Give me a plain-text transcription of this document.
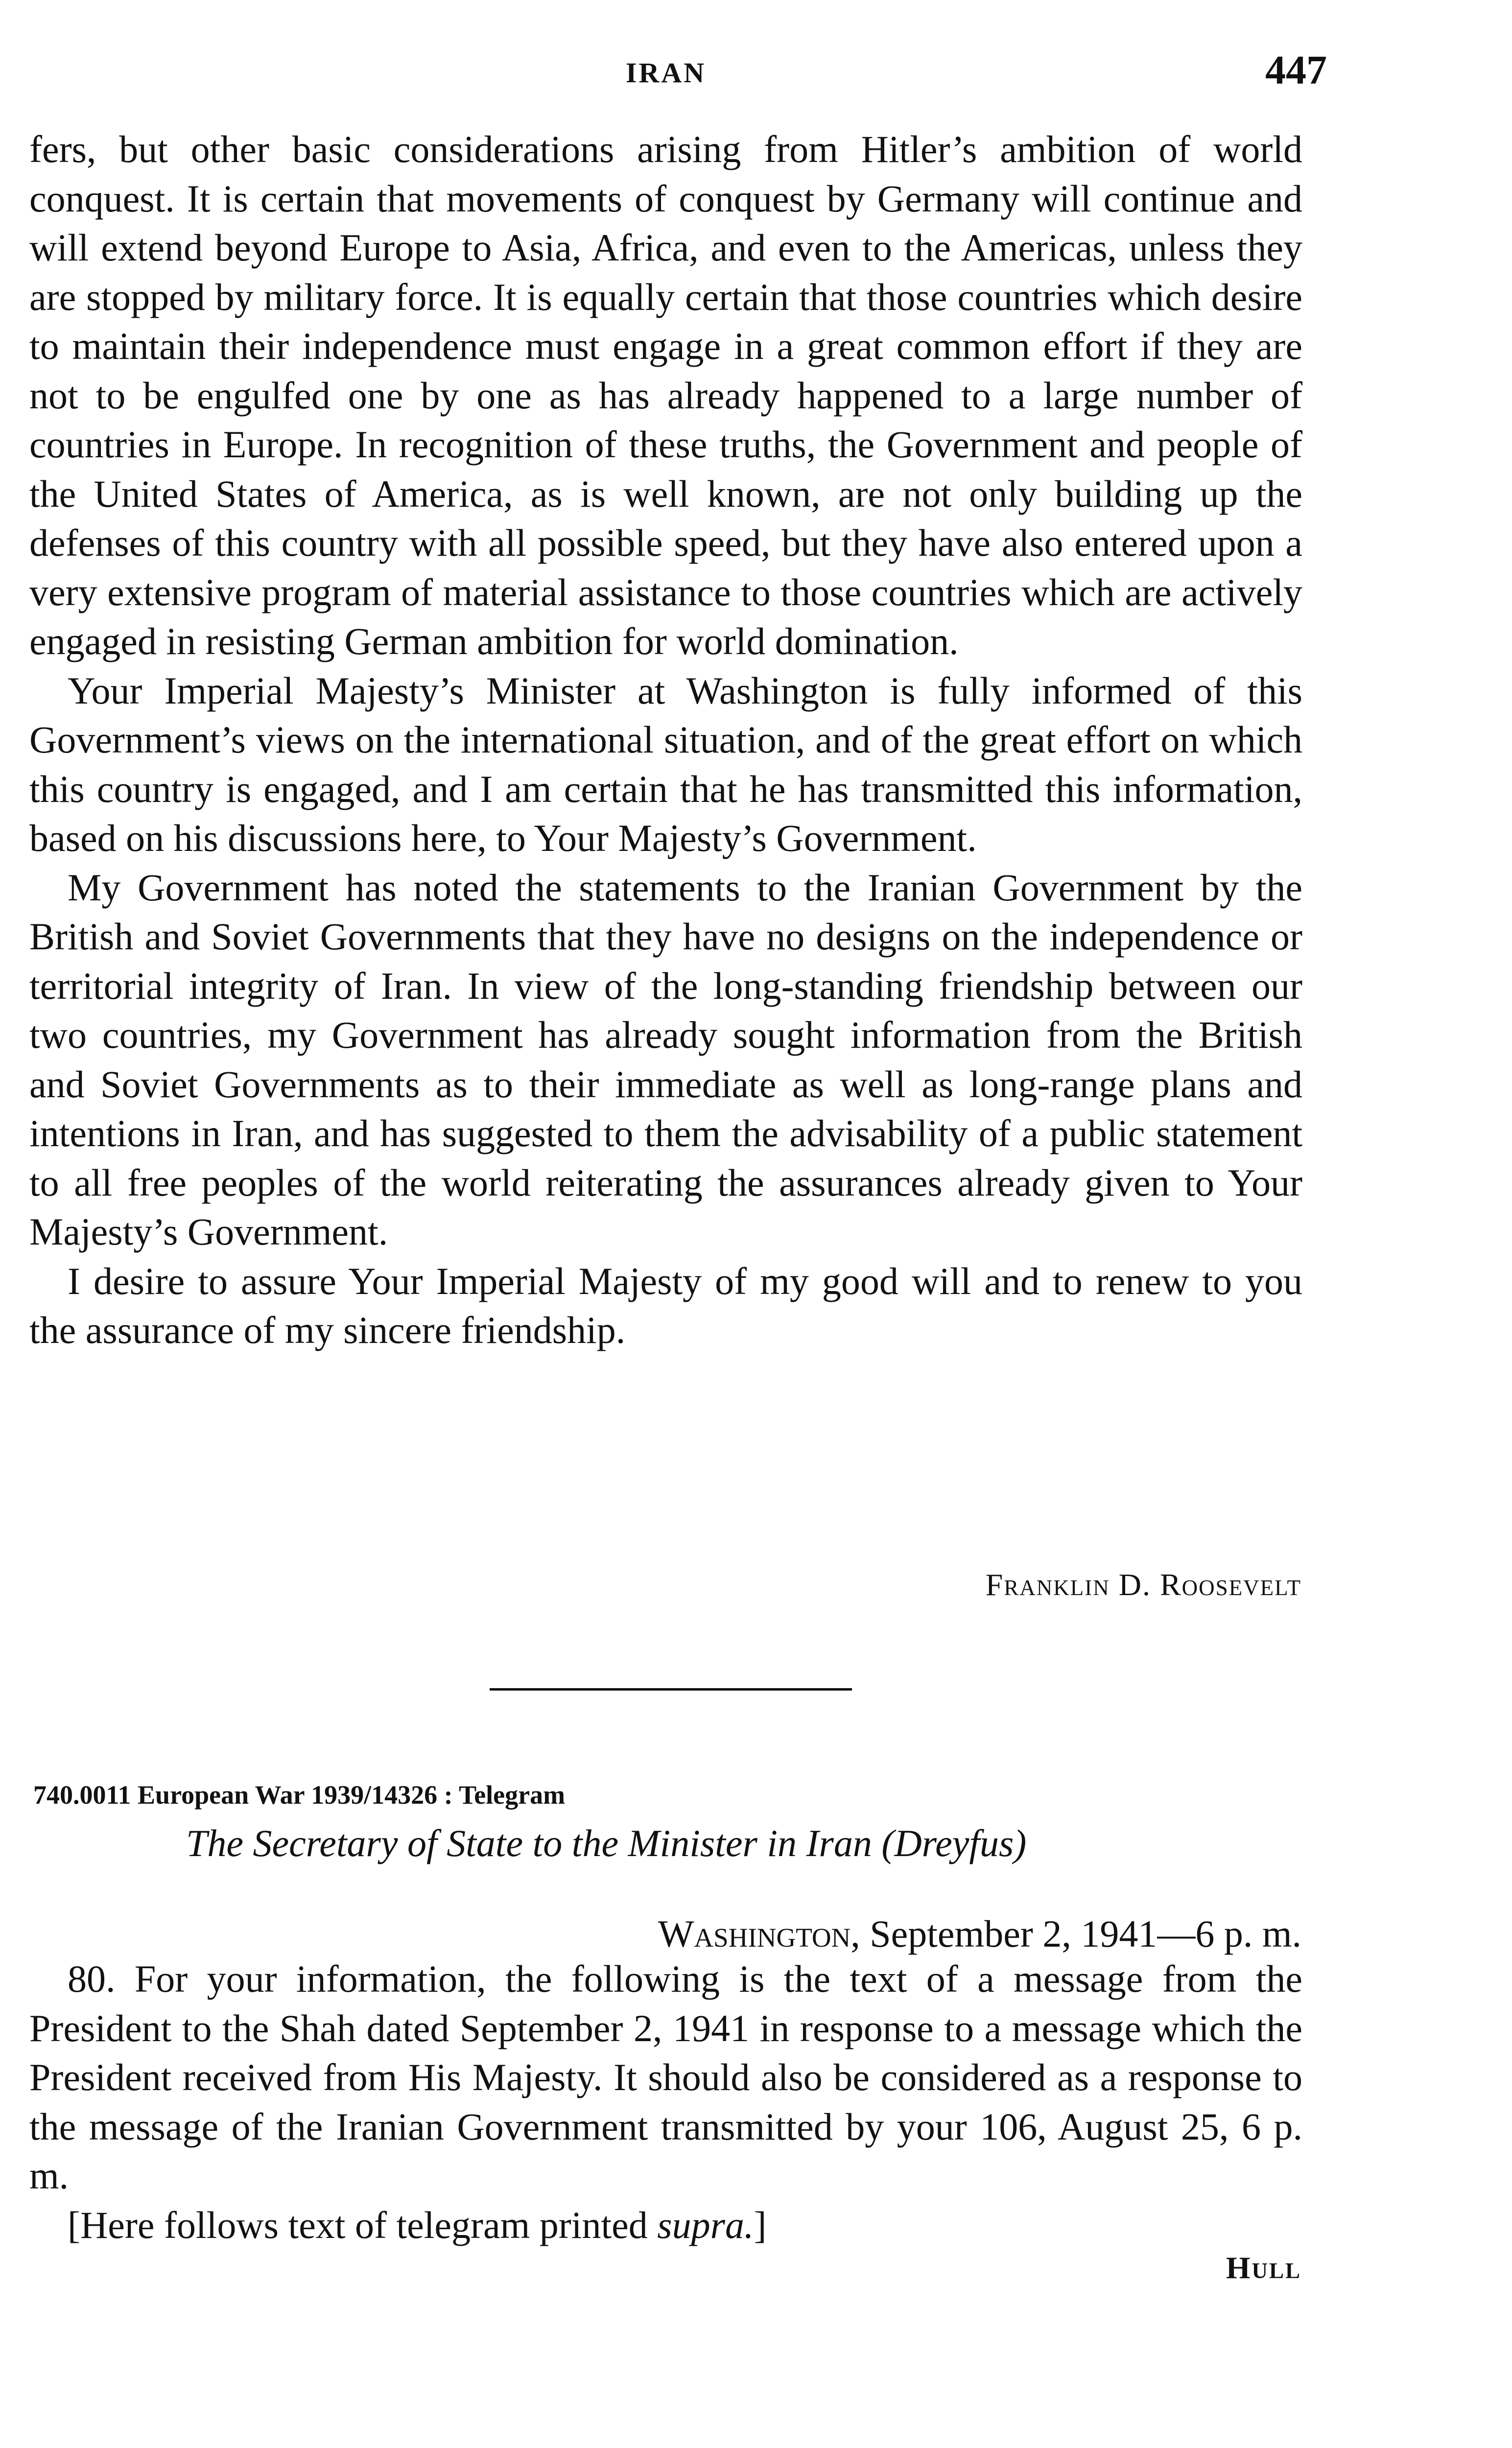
IRAN	447

fers, but other basic considerations arising from Hitler’s ambition of world conquest. It is certain that movements of conquest by Germany will continue and will extend beyond Europe to Asia, Africa, and even to the Americas, unless they are stopped by military force. It is equally certain that those countries which desire to maintain their independence must engage in a great common effort if they are not to be engulfed one by one as has already happened to a large number of countries in Europe. In recognition of these truths, the Government and people of the United States of America, as is well known, are not only building up the defenses of this country with all possible speed, but they have also entered upon a very extensive program of material assistance to those countries which are actively engaged in resisting German ambition for world domination.

Your Imperial Majesty’s Minister at Washington is fully informed of this Government’s views on the international situation, and of the great effort on which this country is engaged, and I am certain that he has transmitted this information, based on his discussions here, to Your Majesty’s Government.

My Government has noted the statements to the Iranian Government by the British and Soviet Governments that they have no designs on the independence or territorial integrity of Iran. In view of the long-standing friendship between our two countries, my Government has already sought information from the British and Soviet Governments as to their immediate as well as long-range plans and intentions in Iran, and has suggested to them the advisability of a public statement to all free peoples of the world reiterating the assurances already given to Your Majesty’s Government.

I desire to assure Your Imperial Majesty of my good will and to renew to you the assurance of my sincere friendship.

Franklin D. Roosevelt
740.0011 European War 1939/14326 : Telegram
The Secretary of State to the Minister in Iran (Dreyfus)
Washington, September 2, 1941—6 p. m.

80. For your information, the following is the text of a message from the President to the Shah dated September 2, 1941 in response to a message which the President received from His Majesty. It should also be considered as a response to the message of the Iranian Government transmitted by your 106, August 25, 6 p. m.

[Here follows text of telegram printed supra.]

Hull
